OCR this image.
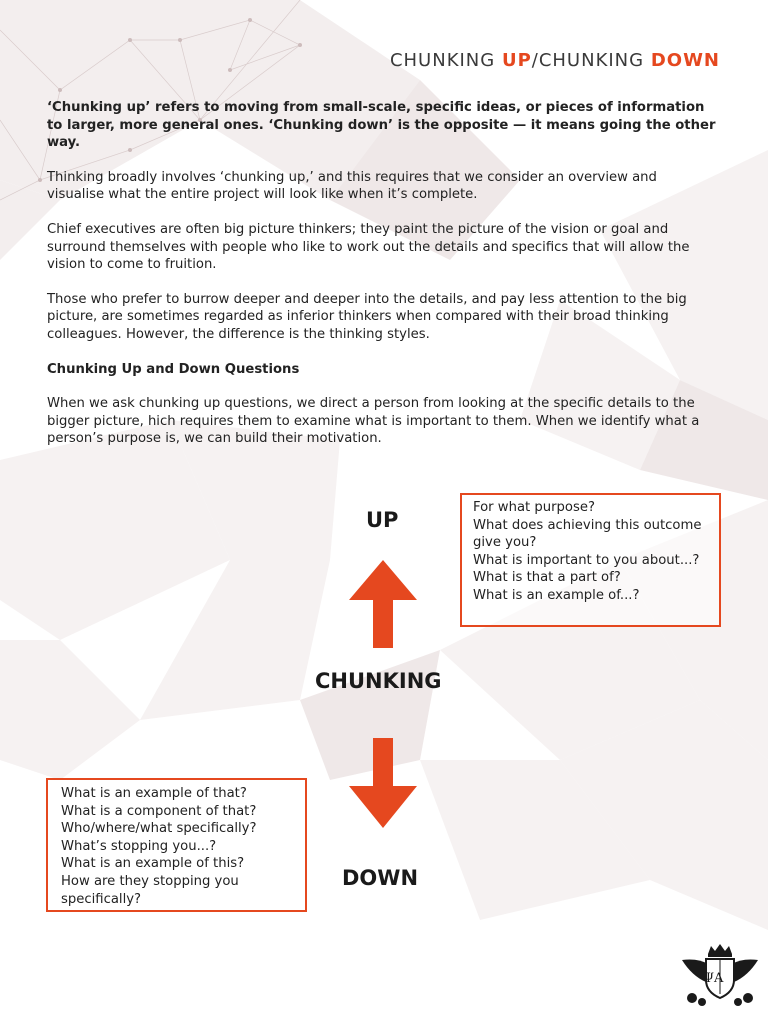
CHUNKING UP/CHUNKING DOWN

‘Chunking up’ refers to moving from small-scale, specific ideas, or pieces of information to larger, more general ones. ‘Chunking down’ is the opposite — it means going the other way.

Thinking broadly involves ‘chunking up,’ and this requires that we consider an overview and visualise what the entire project will look like when it’s complete.

Chief executives are often big picture thinkers; they paint the picture of the vision or goal and surround themselves with people who like to work out the details and specifics that will allow the vision to come to fruition.

Those who prefer to burrow deeper and deeper into the details, and pay less attention to the big picture, are sometimes regarded as inferior thinkers when compared with their broad thinking colleagues. However, the difference is the thinking styles.

Chunking Up and Down Questions

When we ask chunking up questions, we direct a person from looking at the specific details to the bigger picture, hich requires them to examine what is important to them. When we identify what a person’s purpose is, we can build their motivation.

UP
CHUNKING
DOWN
For what purpose?
What does achieving this outcome give you?
What is important to you about...?
What is that a part of?
What is an example of...?
What is an example of that?
What is a component of that?
Who/where/what specifically?
What’s stopping you...?
What is an example of this?
How are they stopping you specifically?
ΨA
